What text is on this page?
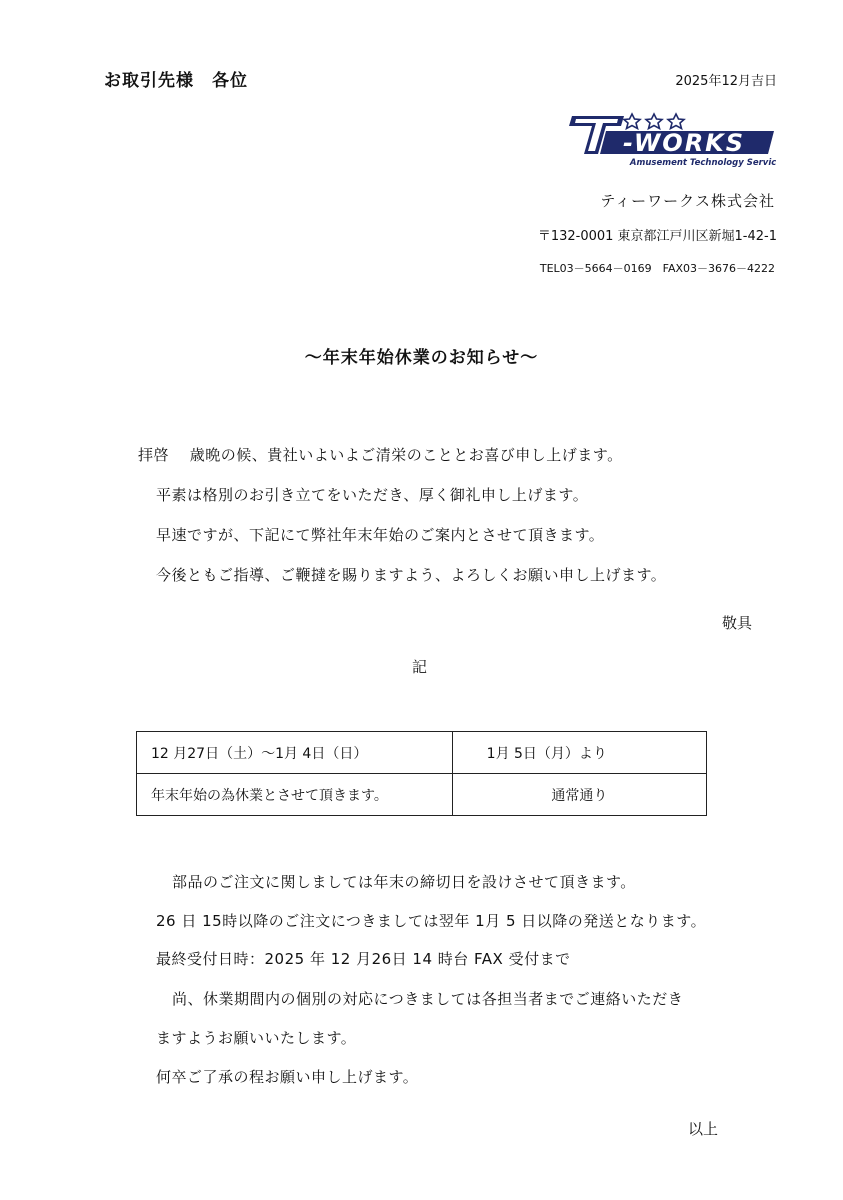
お取引先様　各位	2025年12月吉日
-WORKS
Amusement Technology Service
ティーワークス株式会社
〒132-0001 東京都江戸川区新堀1-42-1
TEL03－5664－0169　FAX03－3676－4222
～年末年始休業のお知らせ～
拝啓　 歳晩の候、貴社いよいよご清栄のこととお喜び申し上げます。
平素は格別のお引き立てをいただき、厚く御礼申し上げます。
早速ですが、下記にて弊社年末年始のご案内とさせて頂きます。
今後ともご指導、ご鞭撻を賜りますよう、よろしくお願い申し上げます。
敬具
記
12 月27日（土）～1月 4日（日）	1月 5日（月）より
年末年始の為休業とさせて頂きます。	通常通り
部品のご注文に関しましては年末の締切日を設けさせて頂きます。
26 日 15時以降のご注文につきましては翌年 1月 5 日以降の発送となります。
最終受付日時：2025 年 12 月26日 14 時台 FAX 受付まで
尚、休業期間内の個別の対応につきましては各担当者までご連絡いただき
ますようお願いいたします。
何卒ご了承の程お願い申し上げます。
以上
